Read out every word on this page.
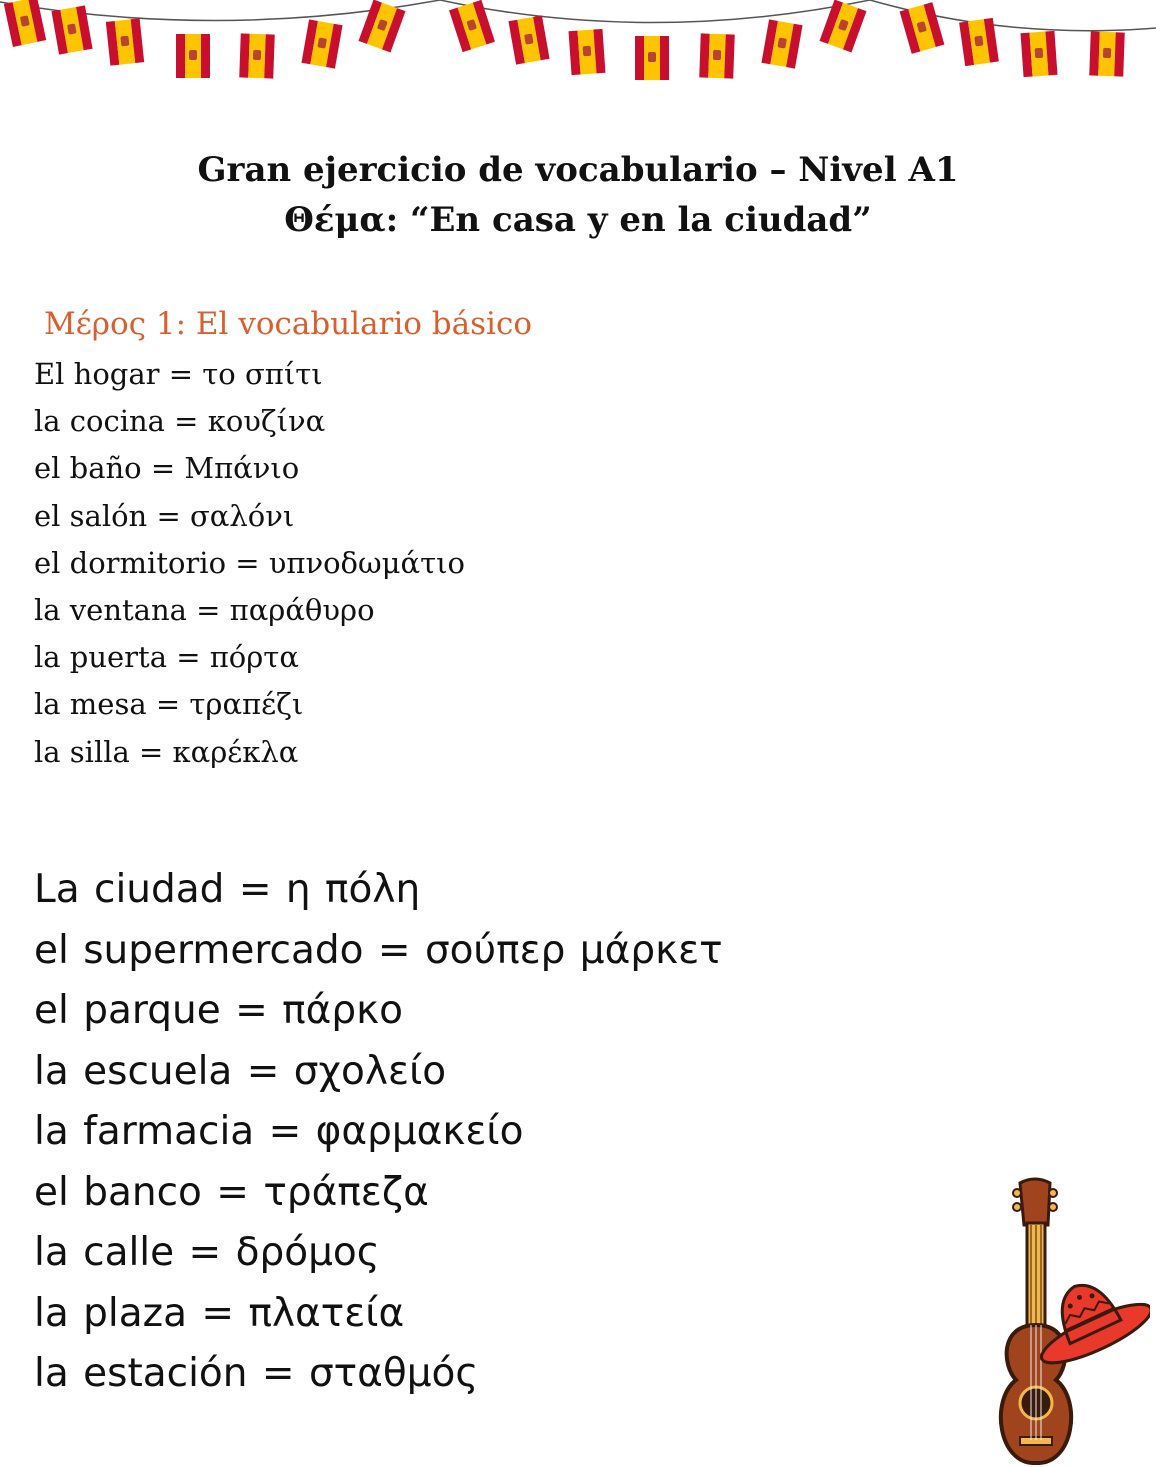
Gran ejercicio de vocabulario – Nivel A1

Θέμα: “En casa y en la ciudad”

Μέρος 1: El vocabulario básico

El hogar = το σπίτι
la cocina = κουζίνα
el baño = Μπάνιο
el salón = σαλόνι
el dormitorio = υπνοδωμάτιο
la ventana = παράθυρο
la puerta = πόρτα
la mesa = τραπέζι
la silla = καρέκλα
La ciudad = η πόλη
el supermercado = σούπερ μάρκετ
el parque = πάρκο
la escuela = σχολείο
la farmacia = φαρμακείο
el banco = τράπεζα
la calle = δρόμος
la plaza = πλατεία
la estación = σταθμός
